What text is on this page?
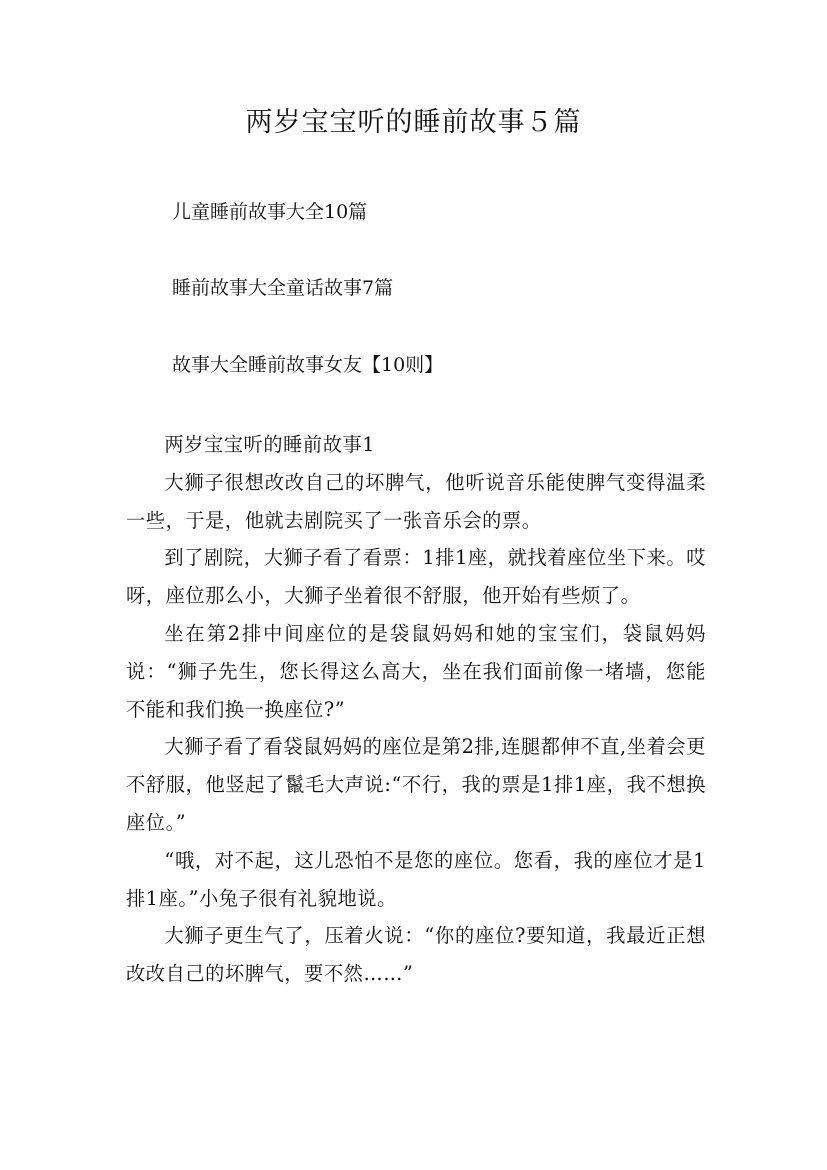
两岁宝宝听的睡前故事５篇

儿童睡前故事大全10篇

睡前故事大全童话故事7篇

故事大全睡前故事女友【10则】

两岁宝宝听的睡前故事1

大狮子很想改改自己的坏脾气，他听说音乐能使脾气变得温柔一些，于是，他就去剧院买了一张音乐会的票。

到了剧院，大狮子看了看票：1排1座，就找着座位坐下来。哎呀，座位那么小，大狮子坐着很不舒服，他开始有些烦了。

坐在第2排中间座位的是袋鼠妈妈和她的宝宝们，袋鼠妈妈说：“狮子先生，您长得这么高大，坐在我们面前像一堵墙，您能不能和我们换一换座位?”

大狮子看了看袋鼠妈妈的座位是第2排,连腿都伸不直,坐着会更不舒服，他竖起了鬣毛大声说:“不行，我的票是1排1座，我不想换座位。”

“哦，对不起，这儿恐怕不是您的座位。您看，我的座位才是1排1座。”小兔子很有礼貌地说。

大狮子更生气了，压着火说：“你的座位?要知道，我最近正想改改自己的坏脾气，要不然……”
